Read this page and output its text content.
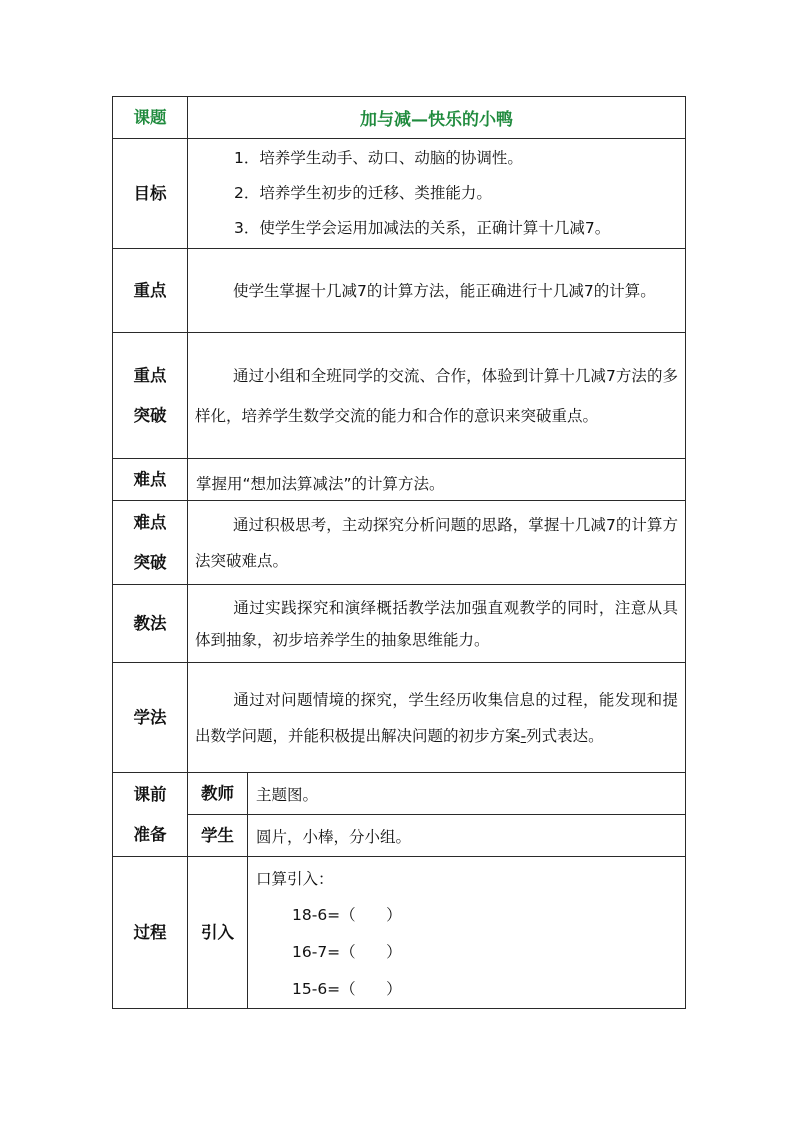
课题	加与减—快乐的小鸭	
目标	1．培养学生动手、动口、动脑的协调性。
2．培养学生初步的迁移、类推能力。
3．使学生学会运用加减法的关系，正确计算十几减7。	

重点	使学生掌握十几减7的计算方法，能正确进行十几减7的计算。	

重点
突破	通过小组和全班同学的交流、合作，体验到计算十几减7方法的多样化，培养学生数学交流的能力和合作的意识来突破重点。	

难点	掌握用“想加法算减法”的计算方法。	

难点
突破	通过积极思考，主动探究分析问题的思路，掌握十几减7的计算方法突破难点。	

教法	通过实践探究和演绎概括教学法加强直观教学的同时，注意从具体到抽象，初步培养学生的抽象思维能力。	

学法	通过对问题情境的探究，学生经历收集信息的过程，能发现和提出数学问题，并能积极提出解决问题的初步方案-列式表达。	

课前
准备	教师	主题图。

	学生	圆片，小棒，分小组。

过程	引入	口算引入：
18-6=（ ）
16-7=（ ）
15-6=（ ）
